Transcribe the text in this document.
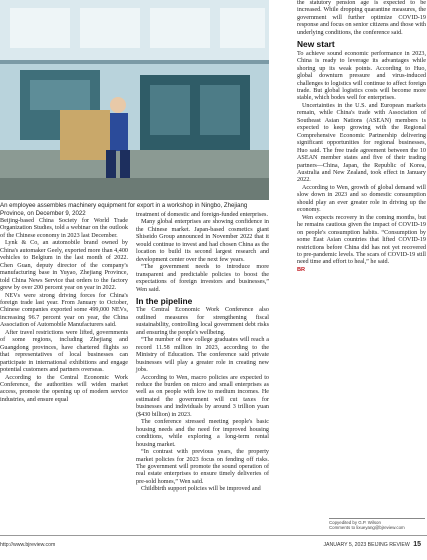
An employee assembles machinery equipment for export in a workshop in Ningbo, Zhejiang Province, on December 9, 2022

Beijing-based China Society for World Trade Organization Studies, told a webinar on the outlook of the Chinese economy in 2023 last December.

Lynk & Co, an automobile brand owned by China's automaker Geely, exported more than 4,400 vehicles to Belgium in the last month of 2022. Chen Guan, deputy director of the company's manufacturing base in Yuyao, Zhejiang Province, told China News Service that orders to the factory grew by over 200 percent year on year in 2022.

NEVs were strong driving forces for China's foreign trade last year. From January to October, Chinese companies exported some 499,000 NEVs, increasing 96.7 percent year on year, the China Association of Automobile Manufacturers said.

After travel restrictions were lifted, governments of some regions, including Zhejiang and Guangdong provinces, have chartered flights so that representatives of local businesses can participate in international exhibitions and engage potential customers and partners overseas.

According to the Central Economic Work Conference, the authorities will widen market access, promote the opening up of modern service industries, and ensure equal

treatment of domestic and foreign-funded enterprises.

Many global enterprises are showing confidence in the Chinese market. Japan-based cosmetics giant Shiseido Group announced in November 2022 that it would continue to invest and had chosen China as the location to build its second largest research and development center over the next few years.

“The government needs to introduce more transparent and predictable policies to boost the expectations of foreign investors and businesses,” Wen said.

In the pipeline

The Central Economic Work Conference also outlined measures for strengthening fiscal sustainability, controlling local government debt risks and ensuring the people's wellbeing.

“The number of new college graduates will reach a record 11.58 million in 2023, according to the Ministry of Education. The conference said private businesses will play a greater role in creating new jobs.

According to Wen, macro policies are expected to reduce the burden on micro and small enterprises as well as on people with low to medium incomes. He estimated the government will cut taxes for businesses and individuals by around 3 trillion yuan ($430 billion) in 2023.

The conference stressed meeting people's basic housing needs and the need for improved housing conditions, while exploring a long-term rental housing market.

“In contrast with previous years, the property market policies for 2023 focus on fending off risks. The government will promote the sound operation of real estate enterprises to ensure timely deliveries of pre-sold homes,” Wen said.

Childbirth support policies will be improved and

the statutory pension age is expected to be increased. While dropping quarantine measures, the government will further optimize COVID-19 response and focus on senior citizens and those with underlying conditions, the conference said.

New start

To achieve sound economic performance in 2023, China is ready to leverage its advantages while shoring up its weak points. According to Huo, global downturn pressure and virus-induced challenges to logistics will continue to affect foreign trade. But global logistics costs will become more stable, which bodes well for enterprises.

Uncertainties in the U.S. and European markets remain, while China's trade with Association of Southeast Asian Nations (ASEAN) members is expected to keep growing with the Regional Comprehensive Economic Partnership delivering significant opportunities for regional businesses, Huo said. The free trade agreement between the 10 ASEAN member states and five of their trading partners—China, Japan, the Republic of Korea, Australia and New Zealand, took effect in January 2022.

According to Wen, growth of global demand will slow down in 2023 and so domestic consumption should play an ever greater role in driving up the economy.

Wen expects recovery in the coming months, but he remains cautious given the impact of COVID-19 on people's consumption habits. “Consumption by some East Asian countries that lifted COVID-19 restrictions before China did has not yet recovered to pre-pandemic levels. The scars of COVID-19 still need time and effort to heal,” he said.

BR
Copyedited by G.P. Wilson
Comments to lixueyang@bjreview.com
http://www.bjreview.com	JANUARY 5, 2023 BEIJING REVIEW 15
